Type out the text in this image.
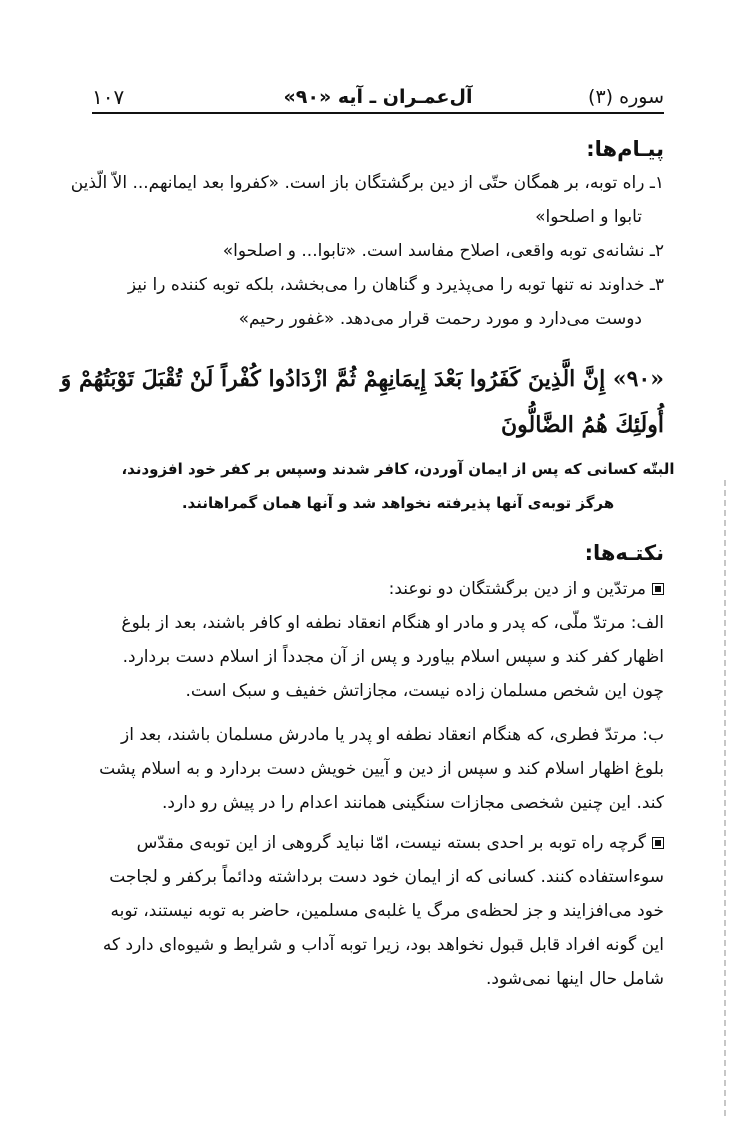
سوره (۳)
آل‌عمـران ـ آیه «۹۰»
۱۰۷
پیـام‌ها:
۱ـ راه توبه، بر همگان حتّی از دین برگشتگان باز است. «کفروا بعد ایمانهم... الاّ الّذین
تابوا و اصلحوا»
۲ـ نشانه‌ی توبه واقعی، اصلاح مفاسد است. «تابوا... و اصلحوا»
۳ـ خداوند نه تنها توبه را می‌پذیرد و گناهان را می‌بخشد، بلکه توبه کننده را نیز
دوست می‌دارد و مورد رحمت قرار می‌دهد. «غفور رحیم»
«۹۰» إِنَّ الَّذِينَ كَفَرُوا بَعْدَ إِيمَانِهِمْ ثُمَّ ازْدَادُوا كُفْراً لَنْ تُقْبَلَ تَوْبَتُهُمْ وَ
أُولَئِكَ هُمُ الضَّالُّونَ
البتّه کسانی که پس از ایمان آوردن، کافر شدند وسپس بر کفر خود افزودند،
هرگز توبه‌ی آنها پذیرفته نخواهد شد و آنها همان گمراهانند.
نکتـه‌ها:
مرتدّین و از دین برگشتگان دو نوعند:
الف: مرتدّ ملّی، که پدر و مادر او هنگام انعقاد نطفه او کافر باشند، بعد از بلوغ
اظهار کفر کند و سپس اسلام بیاورد و پس از آن مجدداً از اسلام دست بردارد.
چون این شخص مسلمان زاده نیست، مجازاتش خفیف و سبک است.
ب: مرتدّ فطری، که هنگام انعقاد نطفه او پدر یا مادرش مسلمان باشند، بعد از
بلوغ اظهار اسلام کند و سپس از دین و آیین خویش دست بردارد و به اسلام پشت
کند. این چنین شخصی مجازات سنگینی همانند اعدام را در پیش رو دارد.
گرچه راه توبه بر احدی بسته نیست، امّا نباید گروهی از این توبه‌ی مقدّس
سوءاستفاده کنند. کسانی که از ایمان خود دست برداشته ودائماً برکفر و لجاجت
خود می‌افزایند و جز لحظه‌ی مرگ یا غلبه‌ی مسلمین، حاضر به توبه نیستند، توبه
این گونه افراد قابل قبول نخواهد بود، زیرا توبه آداب و شرایط و شیوه‌ای دارد که
شامل حال اینها نمی‌شود.
